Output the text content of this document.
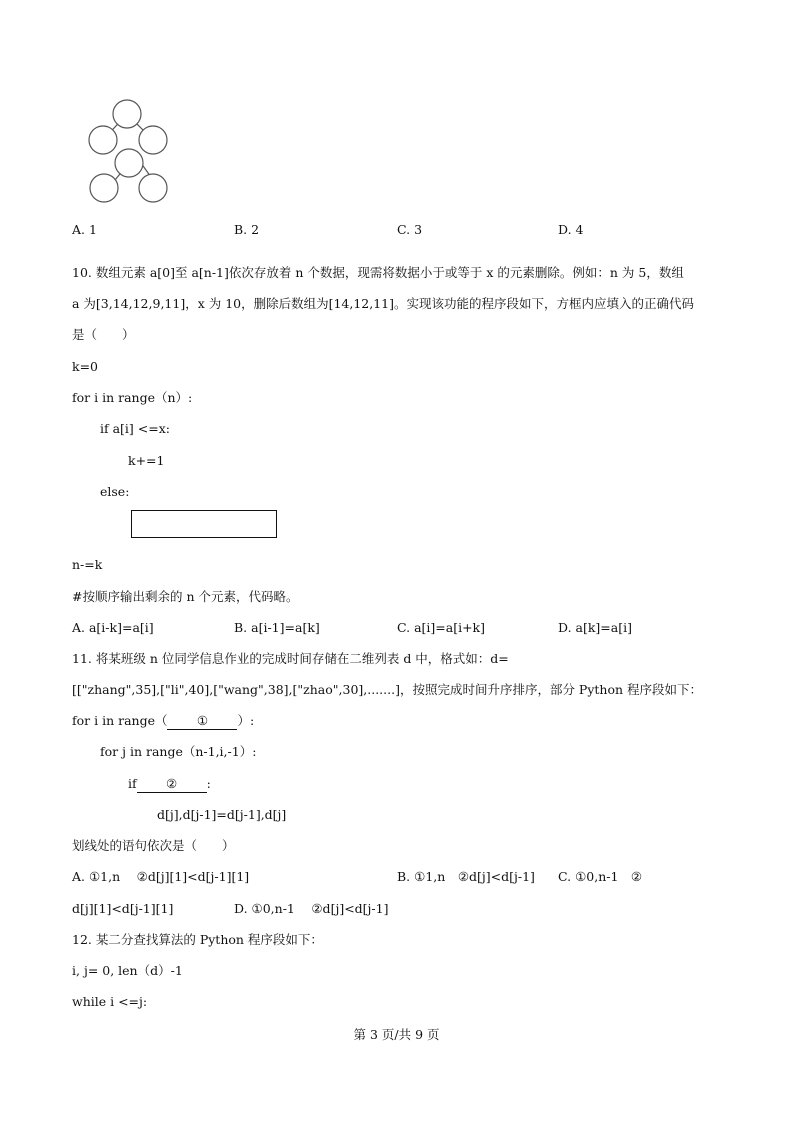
A. 1	B. 2	C. 3	D. 4
10. 数组元素 a[0]至 a[n-1]依次存放着 n 个数据，现需将数据小于或等于 x 的元素删除。例如：n 为 5，数组
a 为[3,14,12,9,11]，x 为 10，删除后数组为[14,12,11]。实现该功能的程序段如下，方框内应填入的正确代码
是（　　）
k=0
for i in range（n）:
if a[i] <=x:
k+=1
else:
n-=k
#按顺序输出剩余的 n 个元素，代码略。
A. a[i-k]=a[i]	B. a[i-1]=a[k]	C. a[i]=a[i+k]	D. a[k]=a[i]
11. 将某班级 n 位同学信息作业的完成时间存储在二维列表 d 中，格式如：d=
[["zhang",35],["li",40],["wang",38],["zhao",30],.......]，按照完成时间升序排序，部分 Python 程序段如下：
for i in range（ ① ）:
for j in range（n-1,i,-1）:
if ② :
d[j],d[j-1]=d[j-1],d[j]
划线处的语句依次是（　　）
A. ①1,n　 ②d[j][1]<d[j-1][1]	B. ①1,n　②d[j]<d[j-1] C. ①0,n-1　②
d[j][1]<d[j-1][1]	D. ①0,n-1　 ②d[j]<d[j-1]
12. 某二分查找算法的 Python 程序段如下：
i, j= 0, len（d）-1
while i <=j:
第 3 页/共 9 页
